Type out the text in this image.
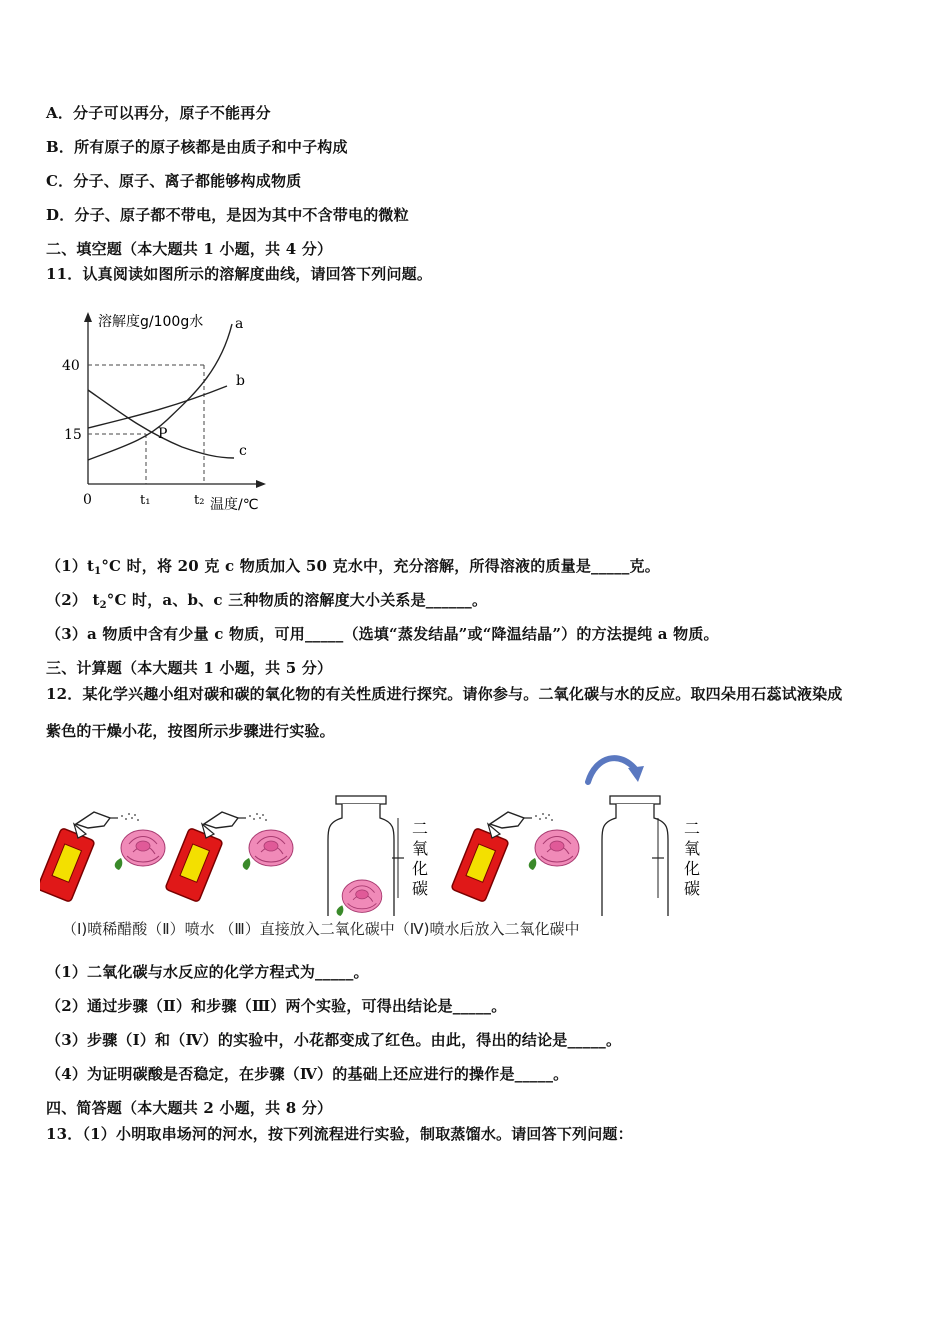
A．分子可以再分，原子不能再分
B．所有原子的原子核都是由质子和中子构成
C．分子、原子、离子都能够构成物质
D．分子、原子都不带电，是因为其中不含带电的微粒
二、填空题（本大题共 1 小题，共 4 分）
11．认真阅读如图所示的溶解度曲线，请回答下列问题。
溶解度g/100g水 a
b
c
40
15	P
0	t₁	t₂ 温度/℃
$(1)t_1^\circ C$ 时，将 20 克 c 物质加入 50 克水中，充分溶解，所得溶液的质量是_____克。
（2） $t_2^\circ C$ 时，a、b、c 三种物质的溶解度大小关系是______。
（3）a 物质中含有少量 c 物质，可用_____（选填“蒸发结晶”或“降温结晶”）的方法提纯 a 物质。
三、计算题（本大题共 1 小题，共 5 分）
12．某化学兴趣小组对碳和碳的氧化物的有关性质进行探究。请你参与。二氧化碳与水的反应。取四朵用石蕊试液染成
紫色的干燥小花，按图所示步骤进行实验。
二
氧
化
碳
二
氧
化
碳
（Ⅰ)喷稀醋酸（Ⅱ）喷水 （Ⅲ）直接放入二氧化碳中（Ⅳ)喷水后放入二氧化碳中
（1）二氧化碳与水反应的化学方程式为_____。
（2）通过步骤（Ⅱ）和步骤（Ⅲ）两个实验，可得出结论是_____。
（3）步骤（Ⅰ）和（Ⅳ）的实验中，小花都变成了红色。由此，得出的结论是_____。
（4）为证明碳酸是否稳定，在步骤（Ⅳ）的基础上还应进行的操作是_____。
四、简答题（本大题共 2 小题，共 8 分）
13．（1）小明取串场河的河水，按下列流程进行实验，制取蒸馏水。请回答下列问题：
